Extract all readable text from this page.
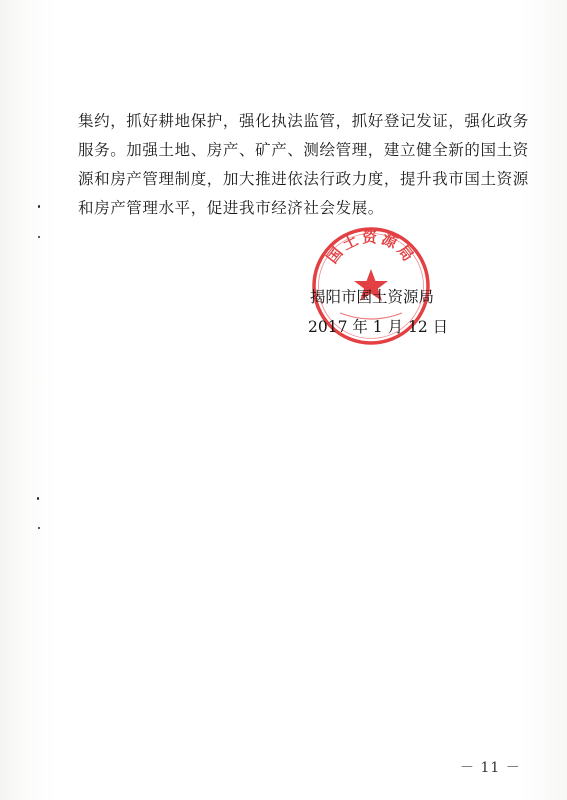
集约，抓好耕地保护，强化执法监管，抓好登记发证，强化政务
服务。加强土地、房产、矿产、测绘管理，建立健全新的国土资
源和房产管理制度，加大推进依法行政力度，提升我市国土资源
和房产管理水平，促进我市经济社会发展。
国土资源局
揭阳市国土资源局
2017 年 1 月 12 日
－ 11 －
